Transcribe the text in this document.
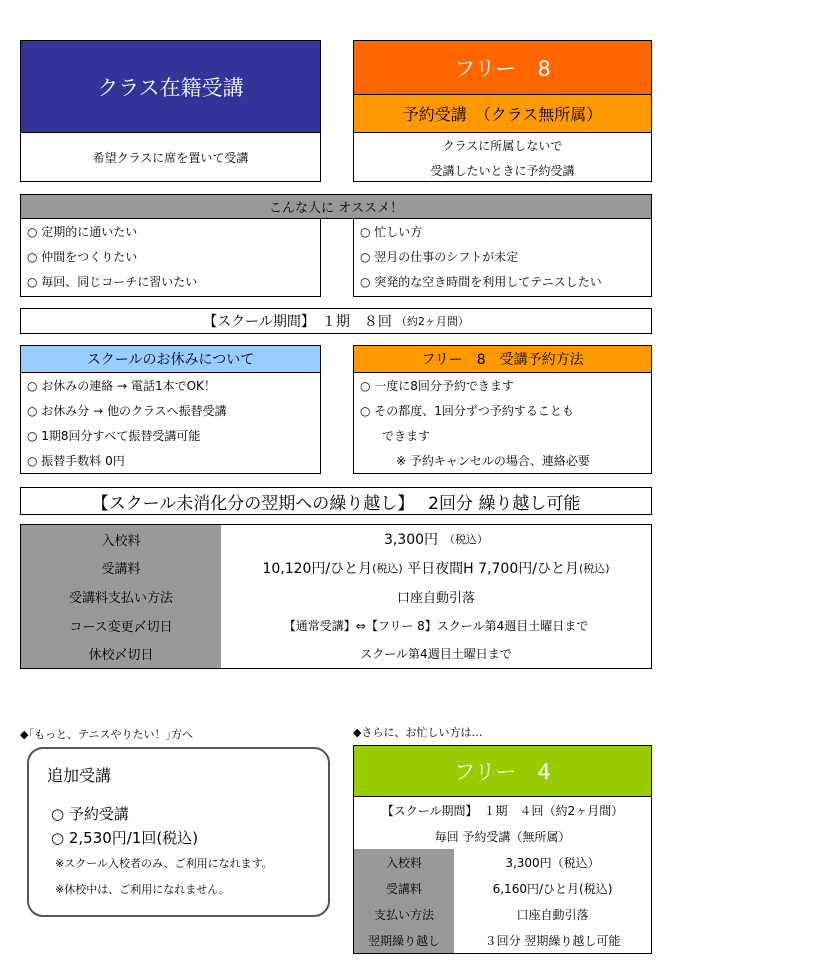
クラス在籍受講
希望クラスに席を置いて受講
フリー　8
予約受講　（クラス無所属）
クラスに所属しないで
受講したいときに予約受講
こんな人に オススメ！
○ 定期的に通いたい
○ 仲間をつくりたい
○ 毎回、同じコーチに習いたい
○ 忙しい方
○ 翌月の仕事のシフトが未定
○ 突発的な空き時間を利用してテニスしたい
【スクール期間】　１期　８回 （約2ヶ月間）
スクールのお休みについて
○ お休みの連絡 → 電話1本でOK！
○ お休み分 → 他のクラスへ振替受講
○ 1期8回分すべて振替受講可能
○ 振替手数料 0円
フリー　8　受講予約方法
○ 一度に8回分予約できます
○ その都度、1回分ずつ予約することも
できます
※ 予約キャンセルの場合、連絡必要
【スクール未消化分の翌期への繰り越し】　 2回分 繰り越し可能
入校料	3,300円 （税込）
受講料	10,120円/ひと月 (税込) 平日夜間H 7,700円/ひと月 (税込)
受講料支払い方法	口座自動引落
コース変更〆切日	【通常受講】⇔【フリー 8】スクール第4週目土曜日まで
休校〆切日	スクール第4週目土曜日まで
◆｢もっと、テニスやりたい！｣方へ
追加受講
○ 予約受講
○ 2,530円/1回(税込)
※スクール入校者のみ、ご利用になれます。
※休校中は、ご利用になれません。
◆さらに、お忙しい方は…
フリー　4
【スクール期間】　１期　４回（約2ヶ月間）
毎回 予約受講（無所属）
入校料	3,300円（税込）
受講料	6,160円/ひと月(税込)
支払い方法	口座自動引落
翌期繰り越し	３回分 翌期繰り越し可能
